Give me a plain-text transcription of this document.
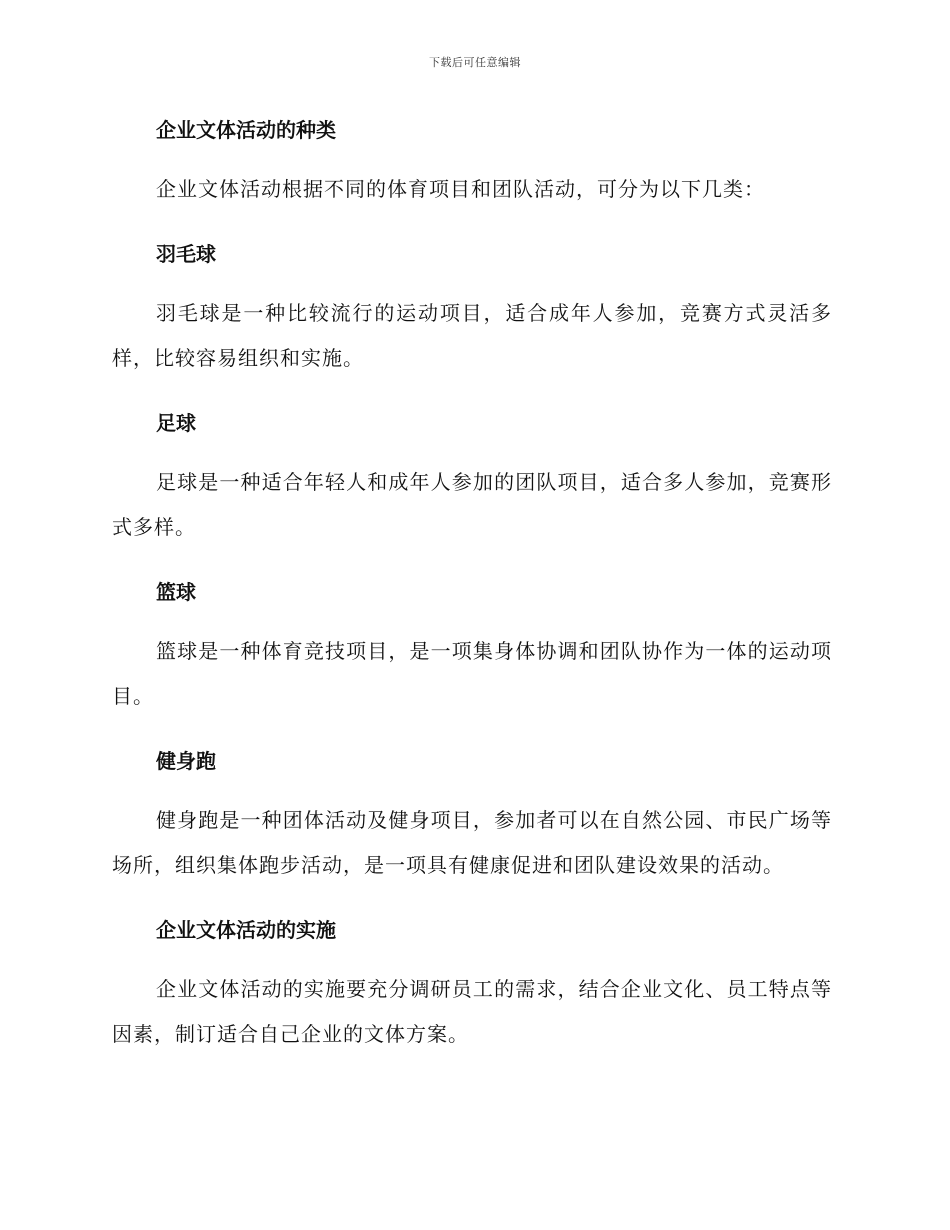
下载后可任意编辑
企业文体活动的种类

企业文体活动根据不同的体育项目和团队活动，可分为以下几类：

羽毛球

羽毛球是一种比较流行的运动项目，适合成年人参加，竞赛方式灵活多样，比较容易组织和实施。

足球

足球是一种适合年轻人和成年人参加的团队项目，适合多人参加，竞赛形式多样。

篮球

篮球是一种体育竞技项目，是一项集身体协调和团队协作为一体的运动项目。

健身跑

健身跑是一种团体活动及健身项目，参加者可以在自然公园、市民广场等场所，组织集体跑步活动，是一项具有健康促进和团队建设效果的活动。

企业文体活动的实施

企业文体活动的实施要充分调研员工的需求，结合企业文化、员工特点等因素，制订适合自己企业的文体方案。
